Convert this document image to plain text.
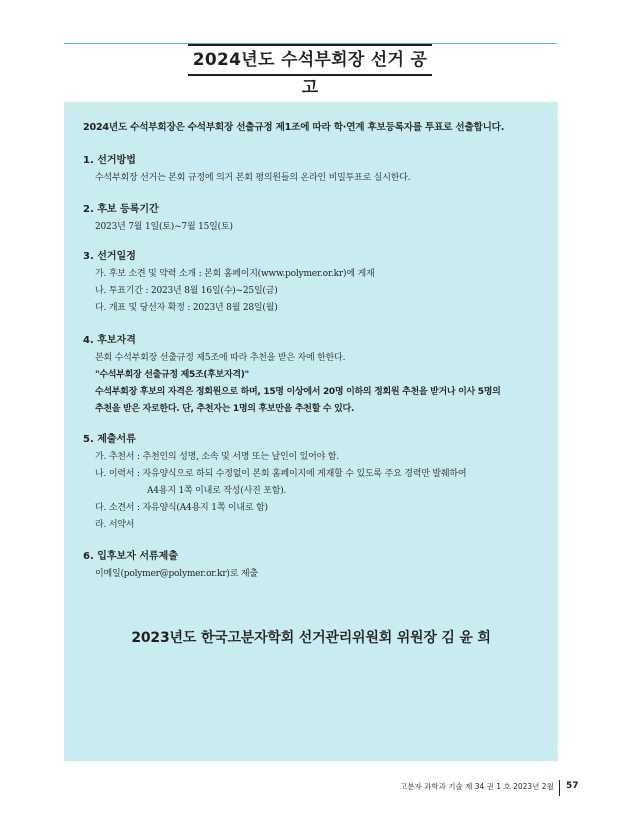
2024년도 수석부회장 선거 공고
2024년도 수석부회장은 수석부회장 선출규정 제1조에 따라 학·연계 후보등록자를 투표로 선출합니다.
1. 선거방법
수석부회장 선거는 본회 규정에 의거 본회 평의원들의 온라인 비밀투표로 실시한다.
2. 후보 등록기간
2023년 7월 1일(토)~7월 15일(토)
3. 선거일정
가. 후보 소견 및 약력 소개 : 본회 홈페이지(www.polymer.or.kr)에 게재
나. 투표기간 : 2023년 8월 16일(수)~25일(금)
다. 개표 및 당선자 확정 : 2023년 8월 28일(월)
4. 후보자격
본회 수석부회장 선출규정 제5조에 따라 추천을 받은 자에 한한다.
"수석부회장 선출규정 제5조(후보자격)"
수석부회장 후보의 자격은 정회원으로 하며, 15명 이상에서 20명 이하의 정회원 추천을 받거나 이사 5명의
추천을 받은 자로한다. 단, 추천자는 1명의 후보만을 추천할 수 있다.
5. 제출서류
가. 추천서 : 추천인의 성명, 소속 및 서명 또는 날인이 있어야 함.
나. 이력서 : 자유양식으로 하되 수정없이 본회 홈페이지에 게재할 수 있도록 주요 경력만 발췌하여
A4용지 1쪽 이내로 작성(사진 포함).
다. 소견서 : 자유양식(A4용지 1쪽 이내로 함)
라. 서약서
6. 입후보자 서류제출
이메일(polymer@polymer.or.kr)로 제출
2023년도 한국고분자학회 선거관리위원회 위원장 김 윤 희
고분자 과학과 기술 제 34 권 1 호 2023년 2월 57
